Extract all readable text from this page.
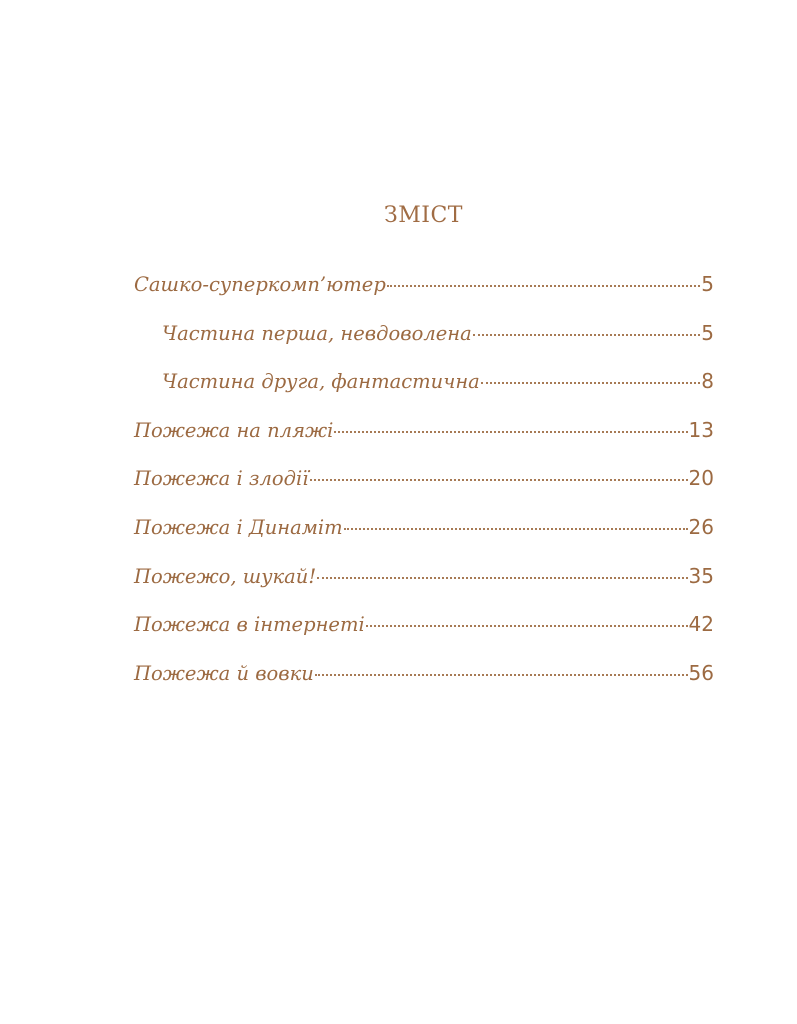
ЗМІСТ
Сашко-суперкомп’ютер	5
Частина перша, невдоволена	5
Частина друга, фантастична	8
Пожежа на пляжі	13
Пожежа і злодії	20
Пожежа і Динаміт	26
Пожежо, шукай!	35
Пожежа в інтернеті	42
Пожежа й вовки	56
